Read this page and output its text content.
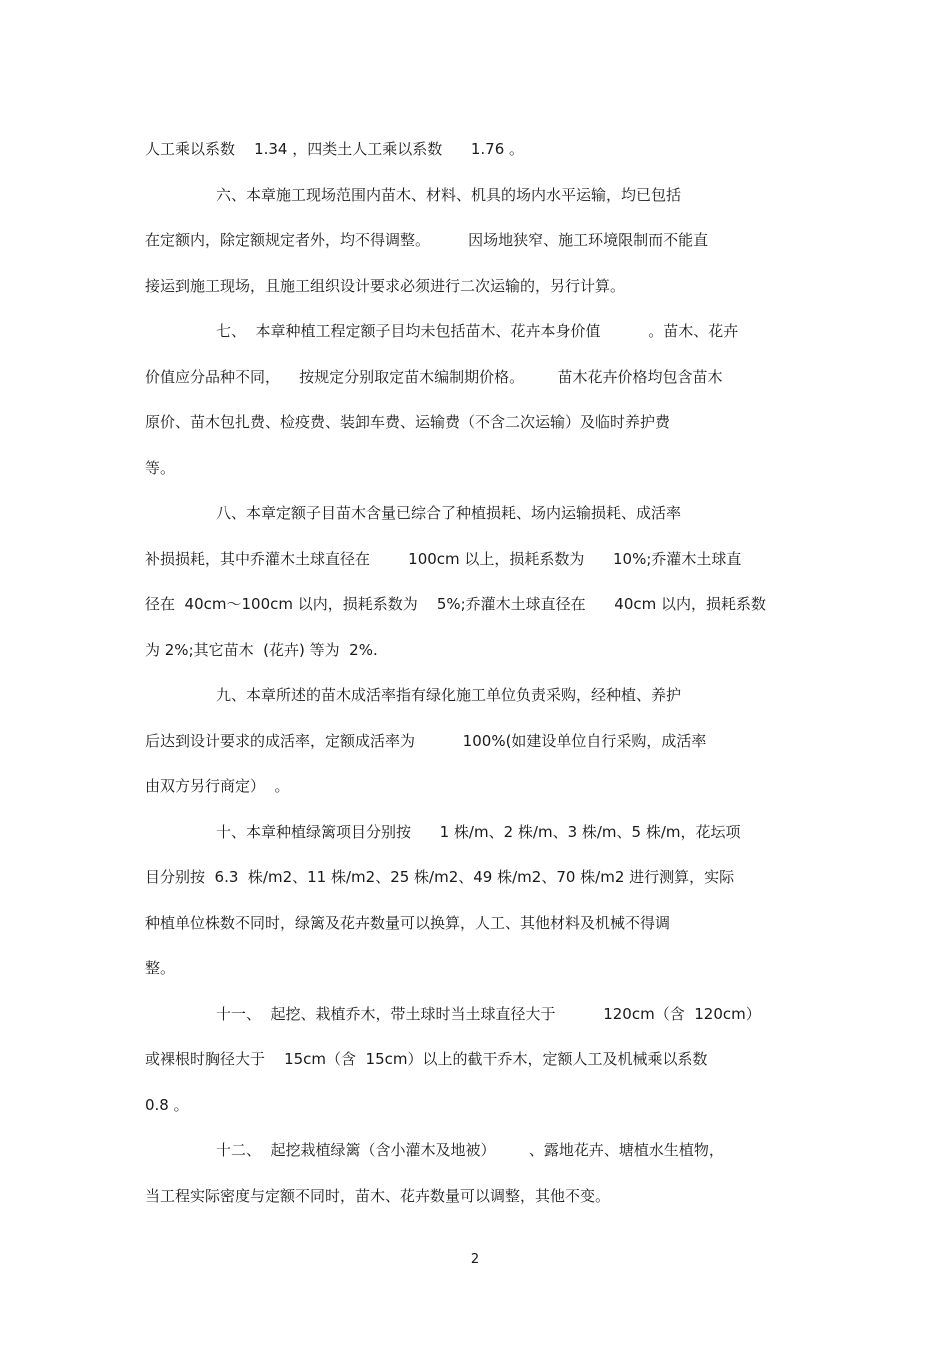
人工乘以系数    1.34 ，四类土人工乘以系数      1.76 。
六、本章施工现场范围内苗木、材料、机具的场内水平运输，均已包括
在定额内，除定额规定者外，均不得调整。        因场地狭窄、施工环境限制而不能直
接运到施工现场，且施工组织设计要求必须进行二次运输的，另行计算。
七、  本章种植工程定额子目均未包括苗木、花卉本身价值          。苗木、花卉
价值应分品种不同，    按规定分别取定苗木编制期价格。       苗木花卉价格均包含苗木
原价、苗木包扎费、检疫费、装卸车费、运输费（不含二次运输）及临时养护费
等。
八、本章定额子目苗木含量已综合了种植损耗、场内运输损耗、成活率
补损损耗，其中乔灌木土球直径在        100cm 以上，损耗系数为      10%;乔灌木土球直
径在  40cm～100cm 以内，损耗系数为    5%;乔灌木土球直径在      40cm 以内，损耗系数
为 2%;其它苗木  (花卉) 等为  2%.
九、本章所述的苗木成活率指有绿化施工单位负责采购，经种植、养护
后达到设计要求的成活率，定额成活率为          100%(如建设单位自行采购，成活率
由双方另行商定）  。
十、本章种植绿篱项目分别按      1 株/m、2 株/m、3 株/m、5 株/m，花坛项
目分别按  6.3  株/m2、11 株/m2、25 株/m2、49 株/m2、70 株/m2 进行测算，实际
种植单位株数不同时，绿篱及花卉数量可以换算，人工、其他材料及机械不得调
整。
十一、  起挖、栽植乔木，带土球时当土球直径大于          120cm（含  120cm）
或裸根时胸径大于    15cm（含  15cm）以上的截干乔木，定额人工及机械乘以系数
0.8 。
十二、  起挖栽植绿篱（含小灌木及地被）       、露地花卉、塘植水生植物，
当工程实际密度与定额不同时，苗木、花卉数量可以调整，其他不变。
2
